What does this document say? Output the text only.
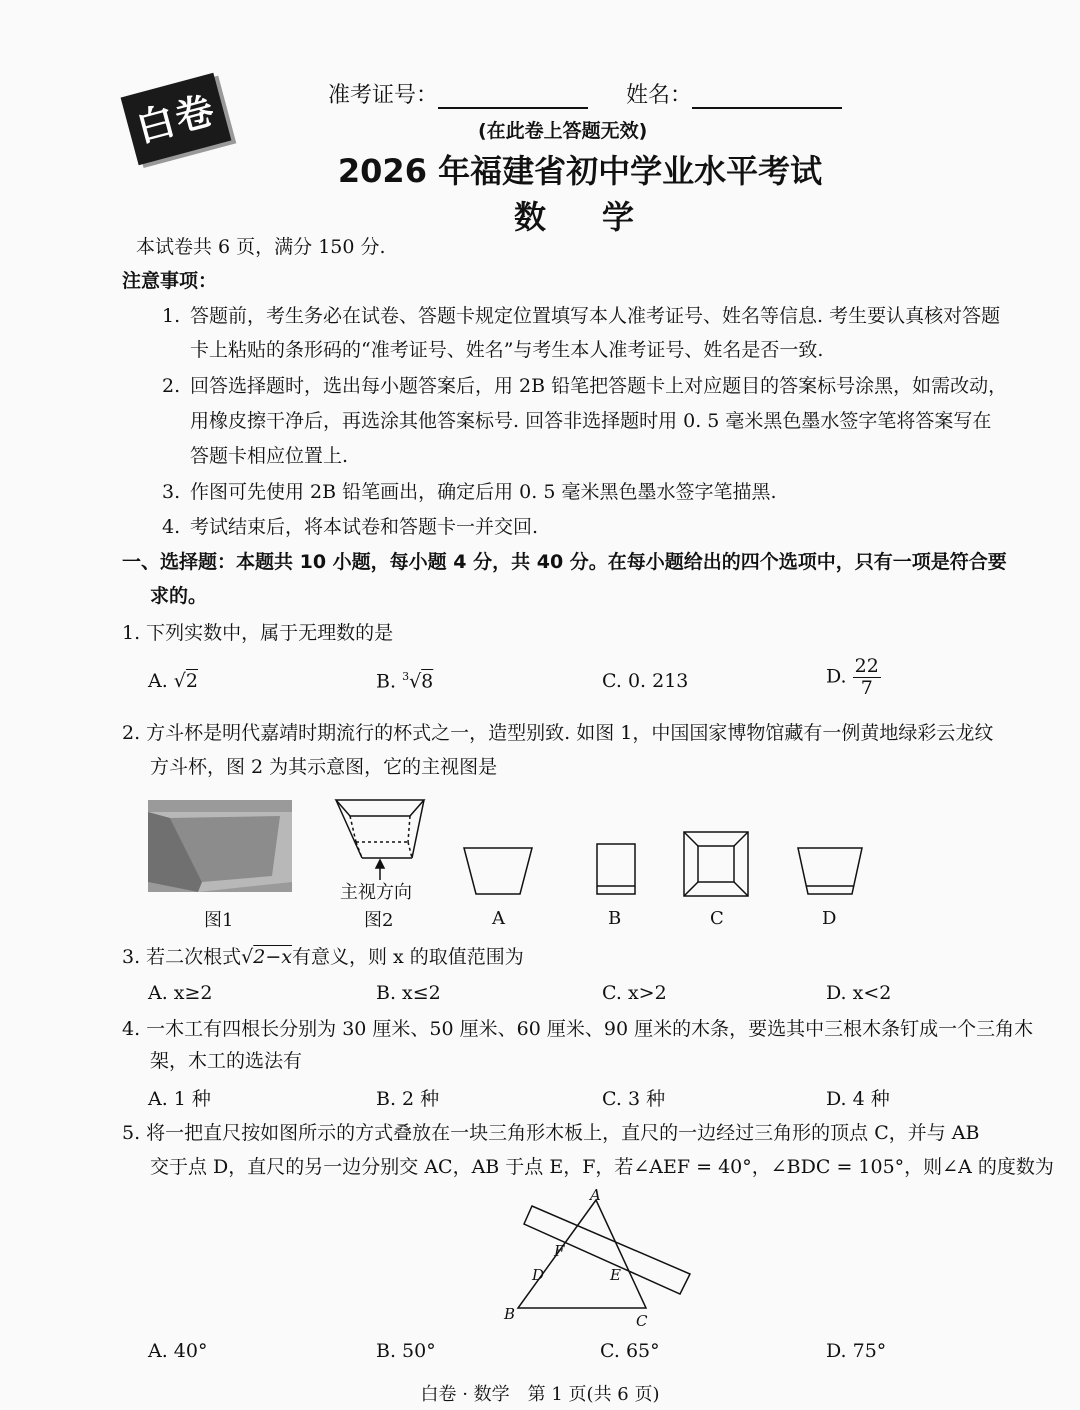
白卷	准考证号：	姓名：
(在此卷上答题无效)
2026 年福建省初中学业水平考试
数　学
本试卷共 6 页，满分 150 分.
注意事项：
1. 答题前，考生务必在试卷、答题卡规定位置填写本人准考证号、姓名等信息. 考生要认真核对答题
卡上粘贴的条形码的“准考证号、姓名”与考生本人准考证号、姓名是否一致.
2. 回答选择题时，选出每小题答案后，用 2B 铅笔把答题卡上对应题目的答案标号涂黑，如需改动，
用橡皮擦干净后，再选涂其他答案标号. 回答非选择题时用 0. 5 毫米黑色墨水签字笔将答案写在
答题卡相应位置上.
3. 作图可先使用 2B 铅笔画出，确定后用 0. 5 毫米黑色墨水签字笔描黑.
4. 考试结束后，将本试卷和答题卡一并交回.
一、选择题：本题共 10 小题，每小题 4 分，共 40 分。在每小题给出的四个选项中，只有一项是符合要
求的。
1. 下列实数中，属于无理数的是
A. √2	B. $^3$√8	C. 0. 213	D. $\frac{22}{7}$
2. 方斗杯是明代嘉靖时期流行的杯式之一，造型别致. 如图 1，中国国家博物馆藏有一例黄地绿彩云龙纹
方斗杯，图 2 为其示意图，它的主视图是
主视方向
图1	图2	A	B	C	D
3. 若二次根式√2−x有意义，则 x 的取值范围为
A. x≥2	B. x≤2	C. x>2	D. x<2
4. 一木工有四根长分别为 30 厘米、50 厘米、60 厘米、90 厘米的木条，要选其中三根木条钉成一个三角木
架，木工的选法有
A. 1 种	B. 2 种	C. 3 种	D. 4 种
5. 将一把直尺按如图所示的方式叠放在一块三角形木板上，直尺的一边经过三角形的顶点 C，并与 AB
交于点 D，直尺的另一边分别交 AC，AB 于点 E，F，若∠AEF = 40°，∠BDC = 105°，则∠A 的度数为
A
B	C
D	E
F
A. 40°	B. 50°	C. 65°	D. 75°
白卷 · 数学　第 1 页(共 6 页)
